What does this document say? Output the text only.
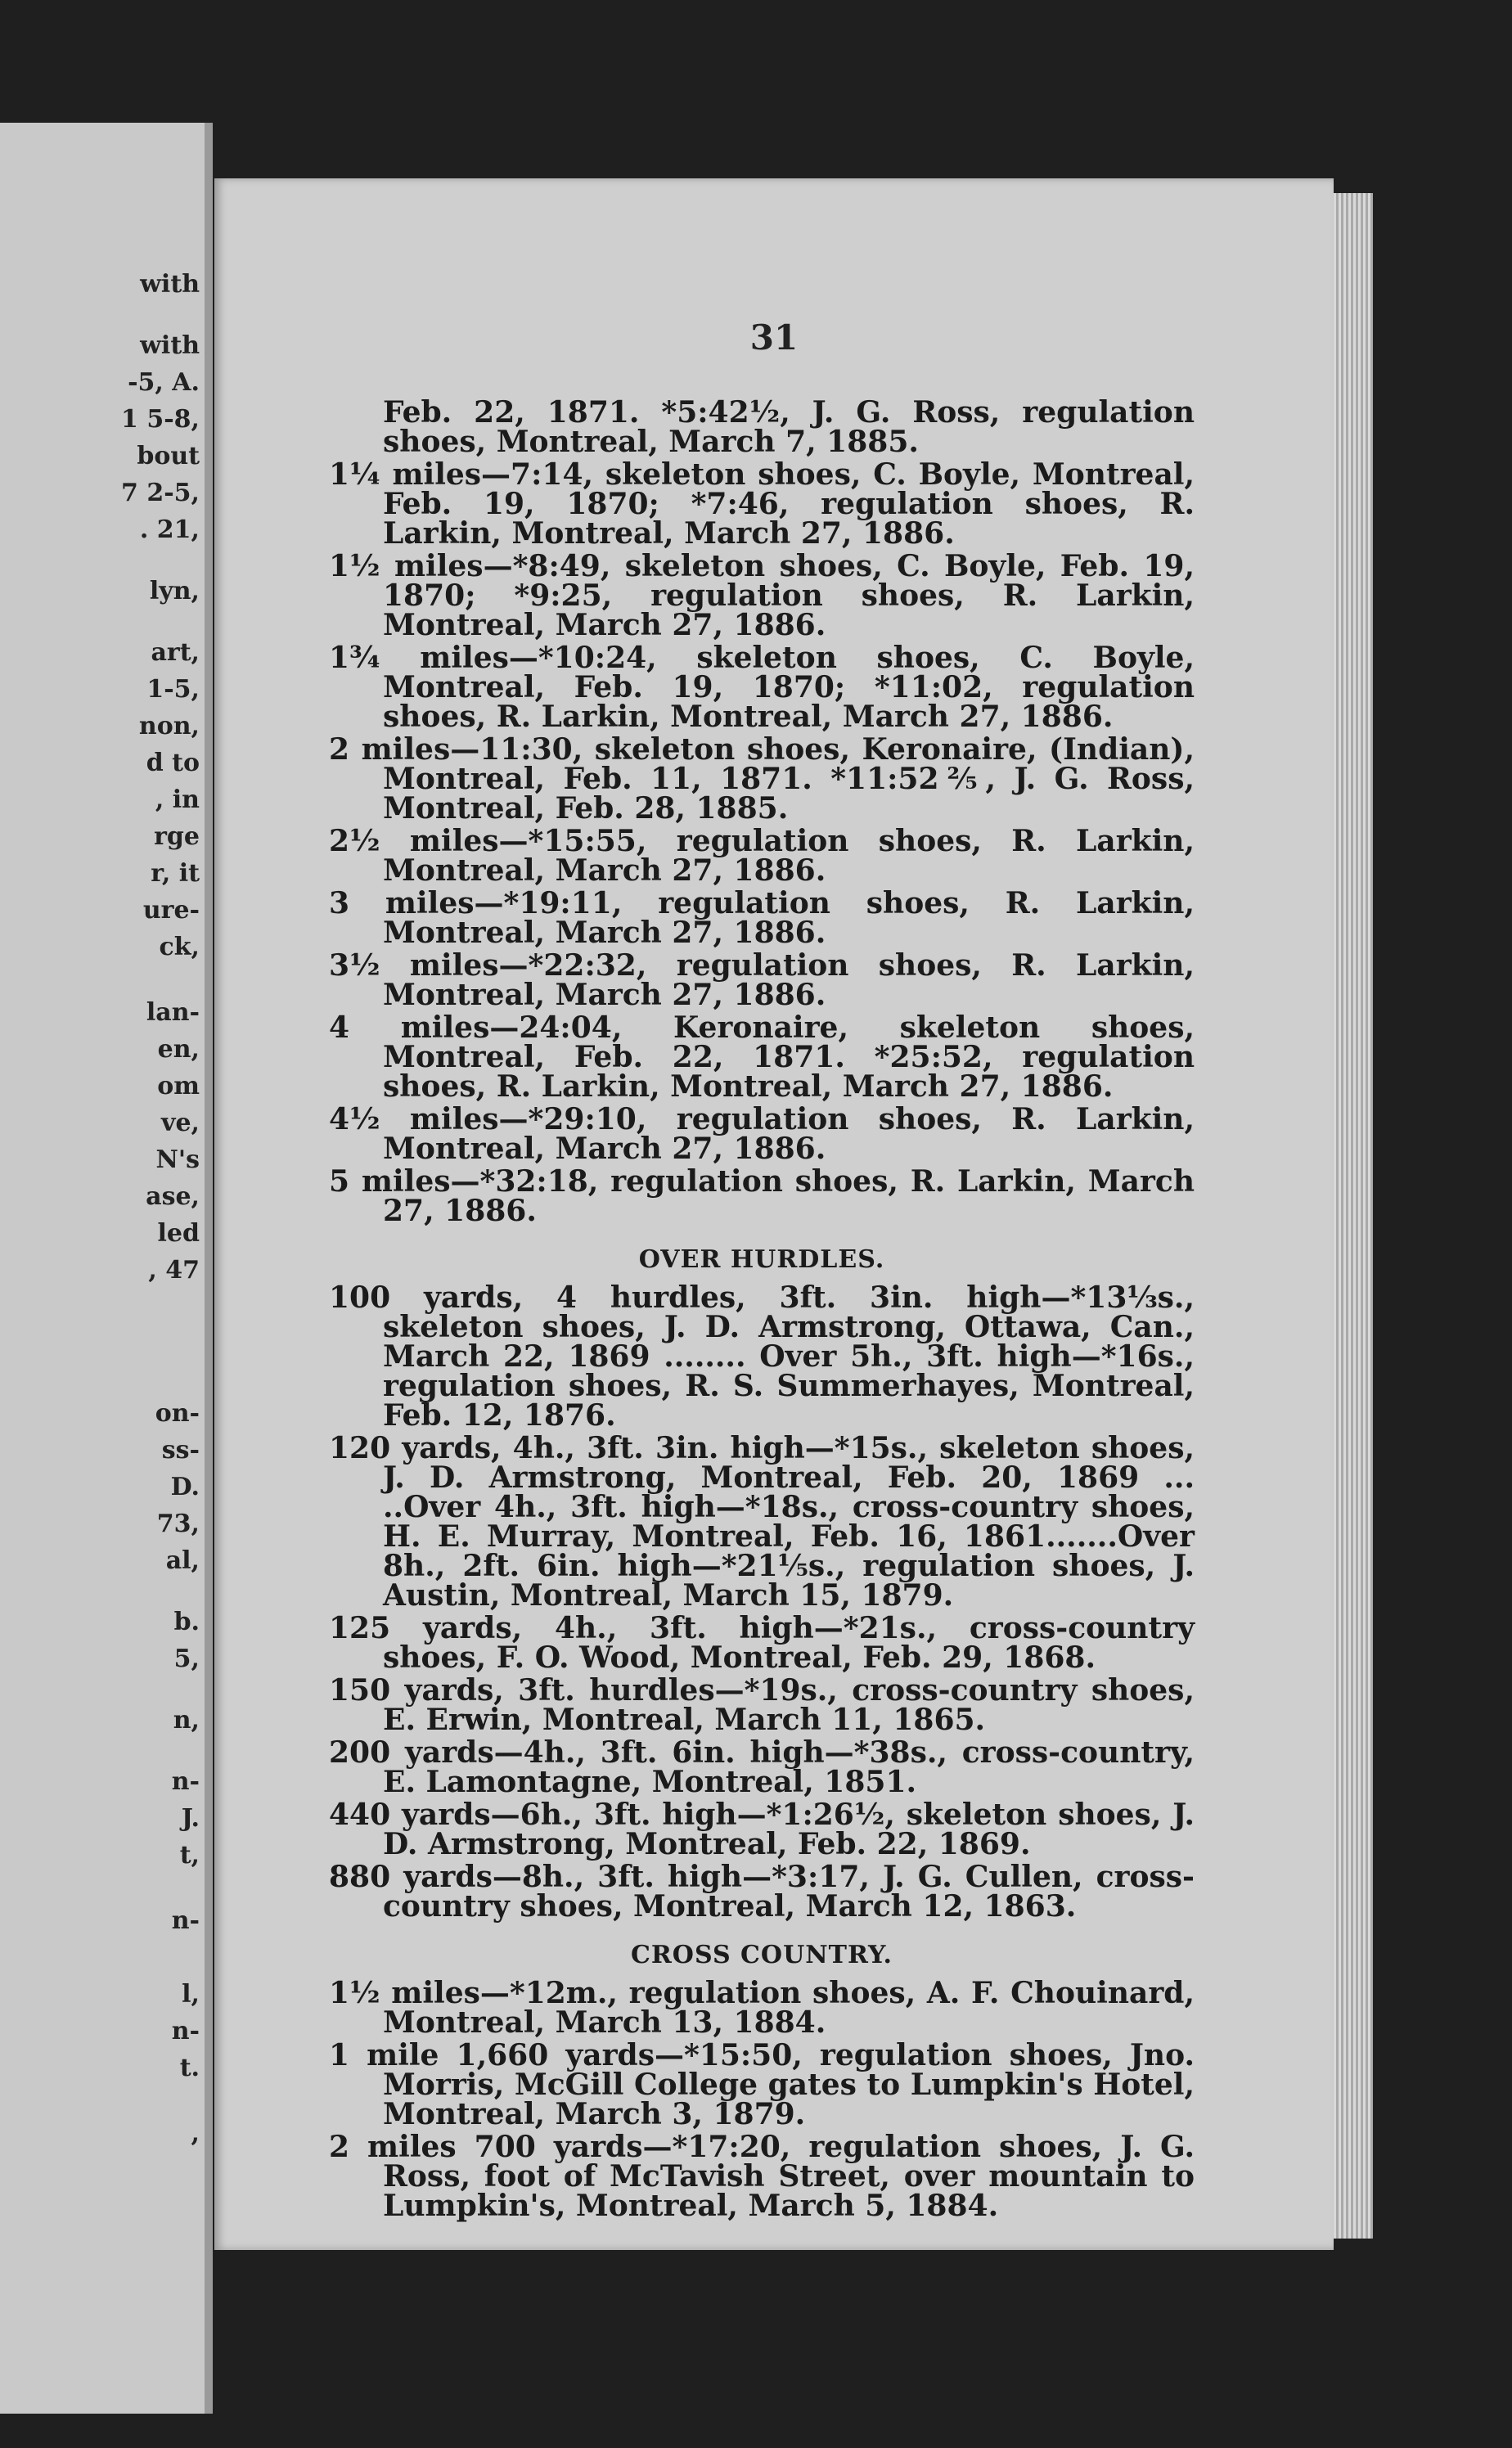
with
with
-5, A.
1 5-8,
bout
7 2-5,
. 21,
lyn,
art,
1-5,
non,
d to
, in
rge
r, it
ure-
ck,
lan-
en,
om
ve,
N's
ase,
led
, 47
on-
ss-
D.
73,
al,
b.
5,
n,
n-
J.
t,
n-
l,
n-
t.
,
31
Feb. 22, 1871. *5:42½, J. G. Ross, regulation shoes, Montreal, March 7, 1885.
1¼ miles—7:14, skeleton shoes, C. Boyle, Montreal, Feb. 19, 1870; *7:46, regulation shoes, R. Larkin, Montreal, March 27, 1886.
1½ miles—*8:49, skeleton shoes, C. Boyle, Feb. 19, 1870; *9:25, regulation shoes, R. Larkin, Montreal, March 27, 1886.
1¾ miles—*10:24, skeleton shoes, C. Boyle, Montreal, Feb. 19, 1870; *11:02, regulation shoes, R. Larkin, Montreal, March 27, 1886.
2 miles—11:30, skeleton shoes, Keronaire, (Indian), Montreal, Feb. 11, 1871. *11:52⅖, J. G. Ross, Montreal, Feb. 28, 1885.
2½ miles—*15:55, regulation shoes, R. Larkin, Montreal, March 27, 1886.
3 miles—*19:11, regulation shoes, R. Larkin, Montreal, March 27, 1886.
3½ miles—*22:32, regulation shoes, R. Larkin, Montreal, March 27, 1886.
4 miles—24:04, Keronaire, skeleton shoes, Montreal, Feb. 22, 1871. *25:52, regulation shoes, R. Larkin, Montreal, March 27, 1886.
4½ miles—*29:10, regulation shoes, R. Larkin, Montreal, March 27, 1886.
5 miles—*32:18, regulation shoes, R. Larkin, March 27, 1886.
OVER HURDLES.
100 yards, 4 hurdles, 3ft. 3in. high—*13⅓s., skeleton shoes, J. D. Armstrong, Ottawa, Can., March 22, 1869 ........ Over 5h., 3ft. high—*16s., regulation shoes, R. S. Summerhayes, Montreal, Feb. 12, 1876.
120 yards, 4h., 3ft. 3in. high—*15s., skeleton shoes, J. D. Armstrong, Montreal, Feb. 20, 1869 ... ..Over 4h., 3ft. high—*18s., cross-country shoes, H. E. Murray, Montreal, Feb. 16, 1861.......Over 8h., 2ft. 6in. high—*21⅕s., regulation shoes, J. Austin, Montreal, March 15, 1879.
125 yards, 4h., 3ft. high—*21s., cross-country shoes, F. O. Wood, Montreal, Feb. 29, 1868.
150 yards, 3ft. hurdles—*19s., cross-country shoes, E. Erwin, Montreal, March 11, 1865.
200 yards—4h., 3ft. 6in. high—*38s., cross-country, E. Lamontagne, Montreal, 1851.
440 yards—6h., 3ft. high—*1:26½, skeleton shoes, J. D. Armstrong, Montreal, Feb. 22, 1869.
880 yards—8h., 3ft. high—*3:17, J. G. Cullen, cross-country shoes, Montreal, March 12, 1863.
CROSS COUNTRY.
1½ miles—*12m., regulation shoes, A. F. Chouinard, Montreal, March 13, 1884.
1 mile 1,660 yards—*15:50, regulation shoes, Jno. Morris, McGill College gates to Lumpkin's Hotel, Montreal, March 3, 1879.
2 miles 700 yards—*17:20, regulation shoes, J. G. Ross, foot of McTavish Street, over mountain to Lumpkin's, Montreal, March 5, 1884.
